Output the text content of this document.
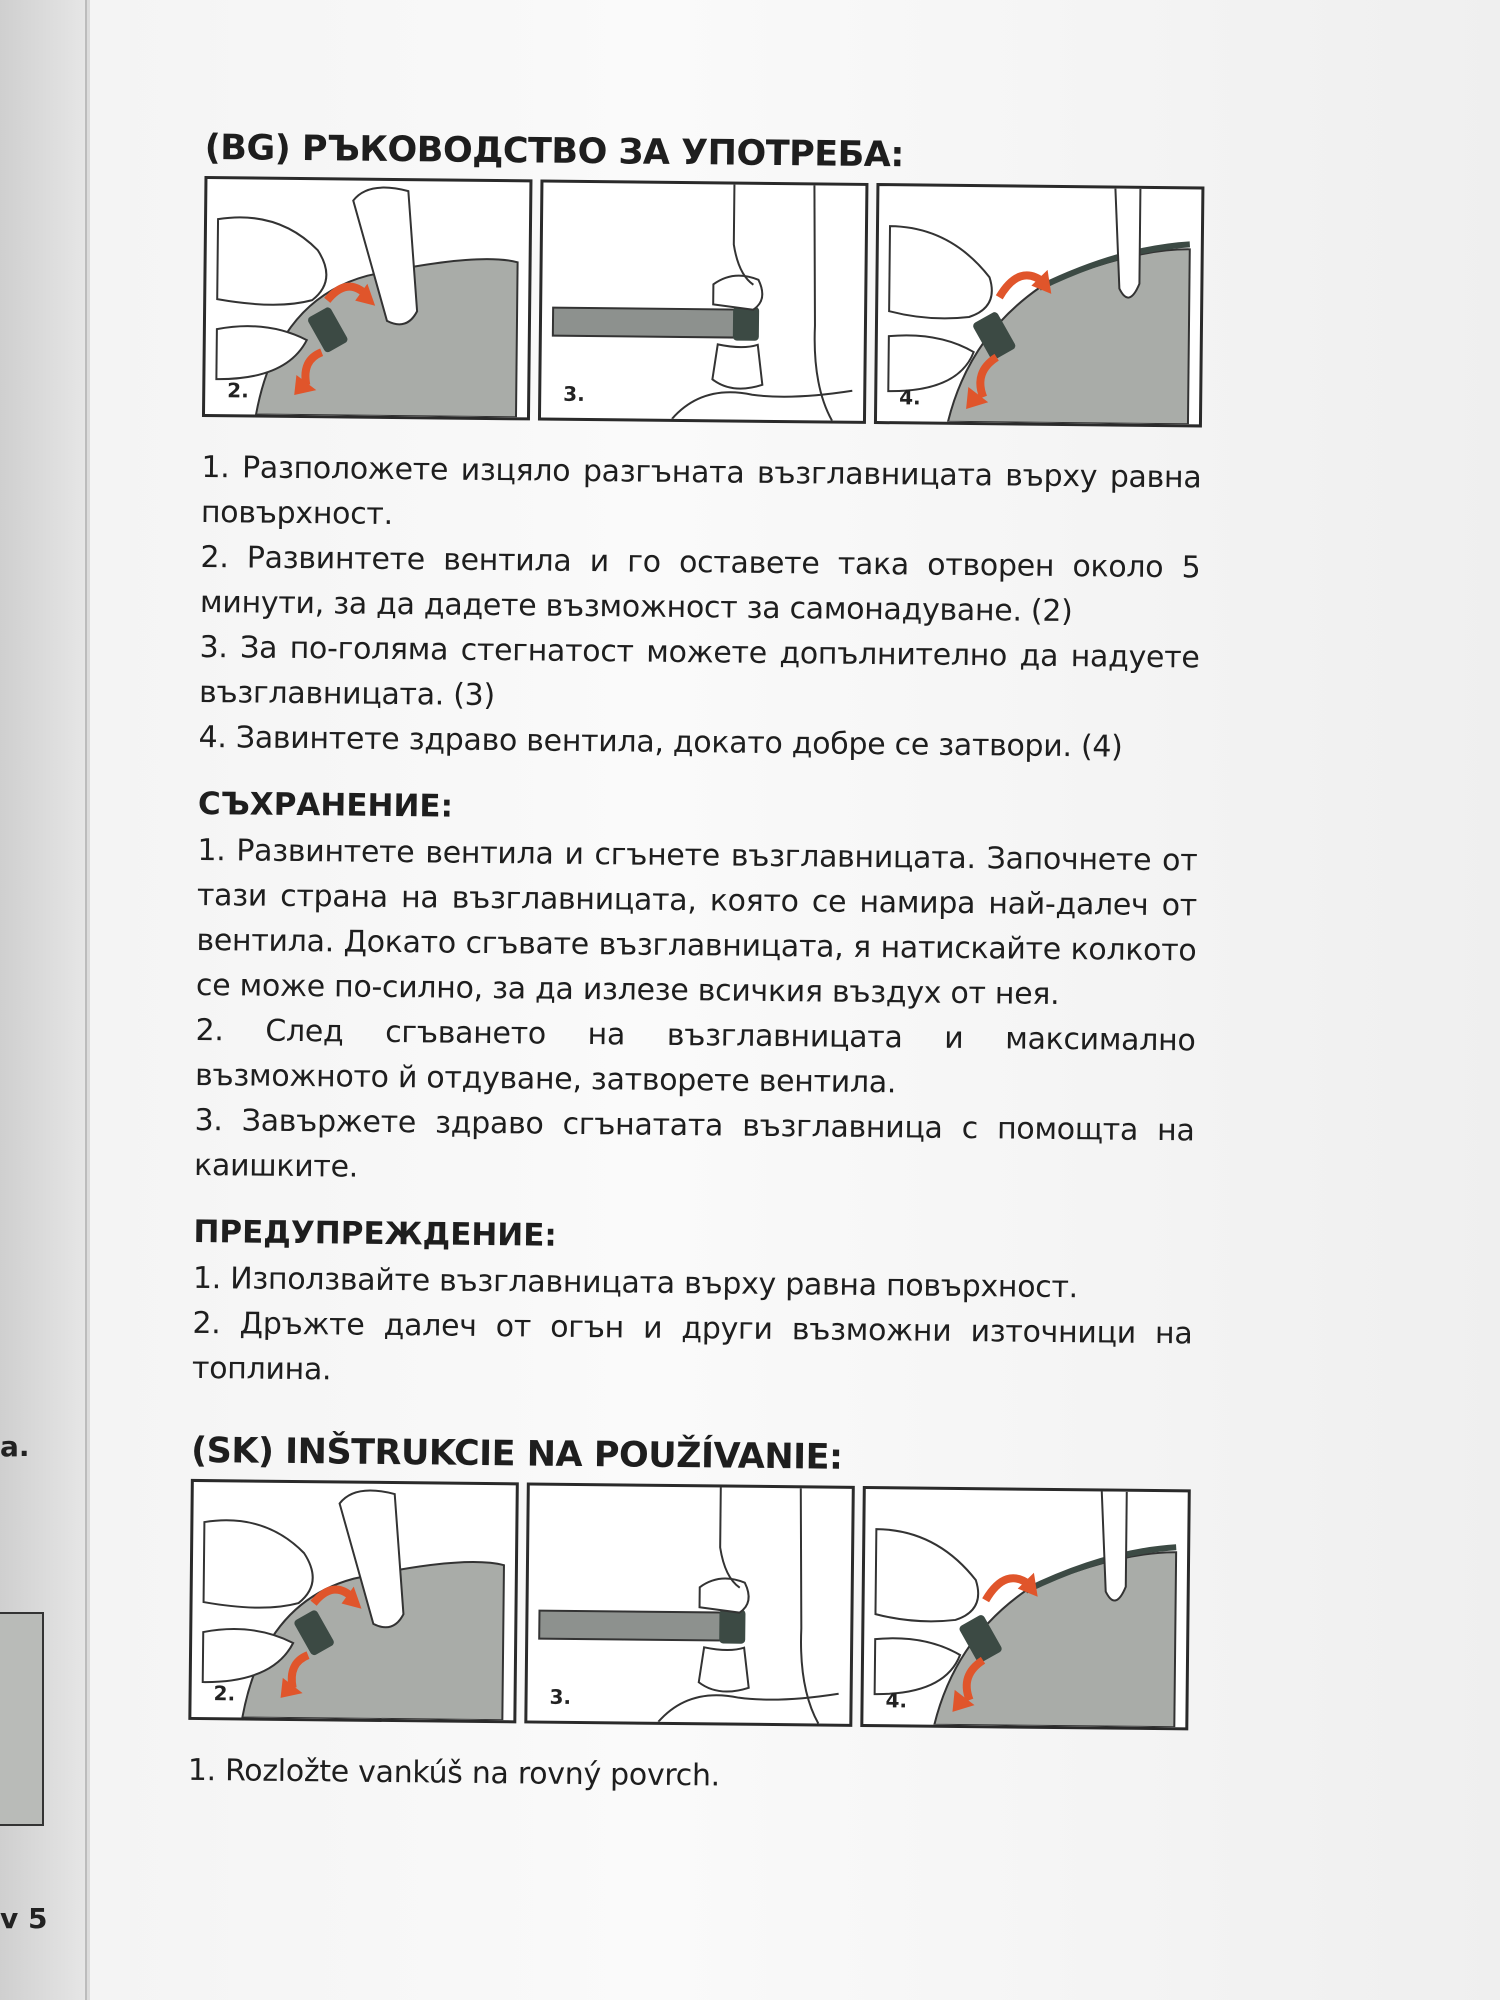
a.
v 5
(BG) РЪКОВОДСТВО ЗА УПОТРЕБА:
2.	3.	4.
1. Разположете изцяло разгъната възглавницата върху равна повърхност.
2. Развинтете вентила и го оставете така отворен около 5 минути, за да дадете възможност за самонадуване. (2)
3. За по-голяма стегнатост можете допълнително да надуете възглавницата. (3)
4. Завинтете здраво вентила, докато добре се затвори. (4)
СЪХРАНЕНИЕ:
1. Развинтете вентила и сгънете възглавницата. Започнете от тази страна на възглавницата, която се намира най-далеч от вентила. Докато сгъвате възглавницата, я натискайте колкото се може по-силно, за да излезе всичкия въздух от нея.
2. След сгъването на възглавницата и максимално възможното й отдуване, затворете вентила.
3. Завържете здраво сгънатата възглавница с помощта на каишките.
ПРЕДУПРЕЖДЕНИЕ:
1. Използвайте възглавницата върху равна повърхност.
2. Дръжте далеч от огън и други възможни източници на топлина.
(SK) INŠTRUKCIE NA POUŽÍVANIE:
2.	3.	4.
1. Rozložte vankúš na rovný povrch.
